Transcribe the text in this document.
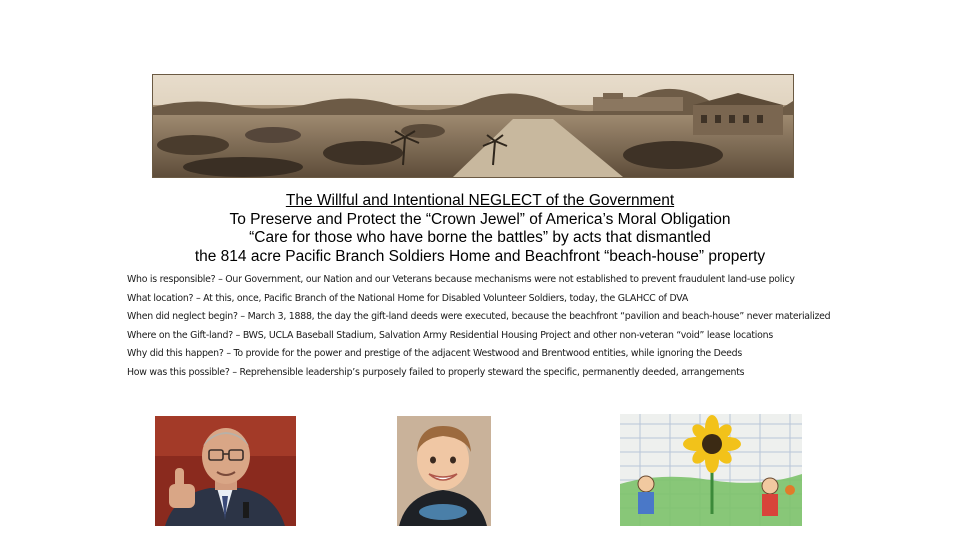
The Willful and Intentional NEGLECT of the Government
To Preserve and Protect the “Crown Jewel” of America’s Moral Obligation
“Care for those who have borne the battles” by acts that dismantled
the 814 acre Pacific Branch Soldiers Home and Beachfront “beach-house” property

Who is responsible? – Our Government, our Nation and our Veterans because mechanisms were not established to prevent fraudulent land-use policy

What location? – At this, once, Pacific Branch of the National Home for Disabled Volunteer Soldiers, today, the GLAHCC of DVA

When did neglect begin? – March 3, 1888, the day the gift-land deeds were executed, because the beachfront “pavilion and beach-house” never materialized

Where on the Gift-land? – BWS, UCLA Baseball Stadium, Salvation Army Residential Housing Project and other non-veteran “void” lease locations

Why did this happen? – To provide for the power and prestige of the adjacent Westwood and Brentwood entities, while ignoring the Deeds

How was this possible? – Reprehensible leadership’s purposely failed to properly steward the specific, permanently deeded, arrangements
